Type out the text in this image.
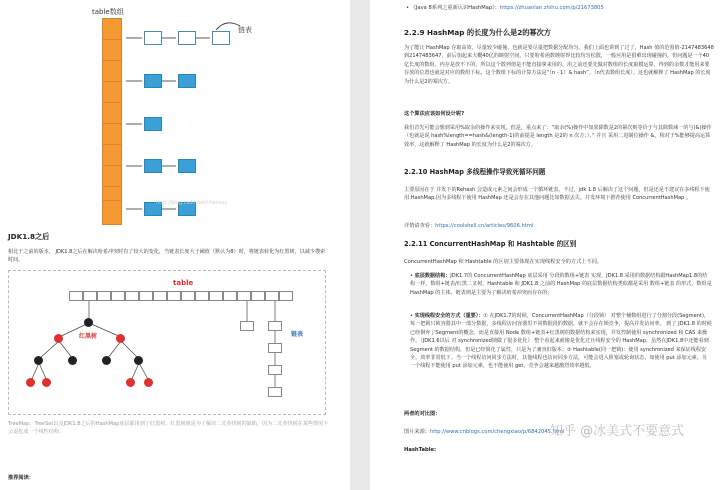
table数组
链表
http://blog.csdn.net/chenssy
JDK1.8之后
相比于之前的版本， JDK1.8之后在解决哈希冲突时有了较大的变化，当链表长度大于阈值（默认为8）时，将链表转化为红黑树，以减少搜索时间。
table
红黑树	链表
TreeMap、TreeSet以及JDK1.8之后的HashMap底层都用到了红黑树。红黑树就是为了解决二叉查找树的缺陷，因为二叉查找树在某些情况下会退化成一个线性结构。
推荐阅读：
• 《Java 8系列之重新认识HashMap》：https://zhuanlan.zhihu.com/p/21673805
2.2.9 HashMap 的长度为什么是2的幂次方
为了能让 HashMap 存取高效，尽量较少碰撞，也就是要尽量把数据分配均匀。我们上面也讲到了过了，Hash 值的范围值-2147483648到2147483647，前后加起来大概40亿的映射空间，只要哈希函数映射得比较均匀松散，一般应用是很难出现碰撞的。但问题是一个40亿长度的数组，内存是放不下的。所以这个散列值是不能直接拿来用的。用之前还要先做对数组的长度取模运算，得到的余数才能用来要存放的位置也就是对应的数组下标。这个数组下标的计算方法是“（n - 1）& hash”。（n代表数组长度）。这也就解释了 HashMap 的长度为什么是2的幂次方。
这个算法应该如何设计呢?
我们首先可能会想到采用%取余的操作来实现。但是，重点来了：“取余(%)操作中如果除数是2的幂次则等价于与其除数减一的与(&)操作（也就是说 hash%length==hash&(length-1)的前提是 length 是2的 n 次方；）。” 并且 采用二进制位操作 &，相对于%能够提高运算效率，这就解释了 HashMap 的长度为什么是2的幂次方。
2.2.10 HashMap 多线程操作导致死循环问题
主要原因在于 并发下的Rehash 会造成元素之间会形成一个循环链表。不过，jdk 1.8 后解决了这个问题，但是还是不建议在多线程下使用 HashMap,因为多线程下使用 HashMap 还是会存在其他问题比如数据丢失。并发环境下推荐使用 ConcurrentHashMap 。
详情请查看：https://coolshell.cn/articles/9606.html
2.2.11 ConcurrentHashMap 和 Hashtable 的区别
ConcurrentHashMap 和 Hashtable 的区别主要体现在实现线程安全的方式上不同。
• 底层数据结构：JDK1.7的 ConcurrentHashMap 底层采用 分段的数组+链表 实现，JDK1.8 采用的数据结构跟HashMap1.8的结构一样，数组+链表/红黑二叉树。Hashtable 和 JDK1.8 之前的 HashMap 的底层数据结构类似都是采用 数组+链表 的形式，数组是 HashMap 的主体，链表则是主要为了解决哈希冲突而存在的；
• 实现线程安全的方式（重要）：① 在JDK1.7的时候，ConcurrentHashMap（分段锁） 对整个桶数组进行了分割分段(Segment)，每一把锁只锁容器其中一部分数据，多线程访问容器里不同数据段的数据，就不会存在锁竞争，提高并发访问率。 到了 JDK1.8 的时候已经摒弃了Segment的概念，而是直接用 Node 数组+链表+红黑树的数据结构来实现，并发控制使用 synchronized 和 CAS 来操作。（JDK1.6以后 对 synchronized锁做了很多优化） 整个看起来就像是优化过且线程安全的 HashMap，虽然在JDK1.8中还能看到 Segment 的数据结构，但是已经简化了属性，只是为了兼容旧版本；② Hashtable(同一把锁)：使用 synchronized 来保证线程安全，效率非常低下。当一个线程访问同步方法时，其他线程也访问同步方法，可能会进入阻塞或轮询状态，如使用 put 添加元素，另一个线程不能使用 put 添加元素，也不能使用 get，竞争会越来越激烈效率越低。
两者的对比图：
图片来源：http://www.cnblogs.com/chengxiao/p/6842045.html
HashTable:
知乎 @冰美式不要意式
